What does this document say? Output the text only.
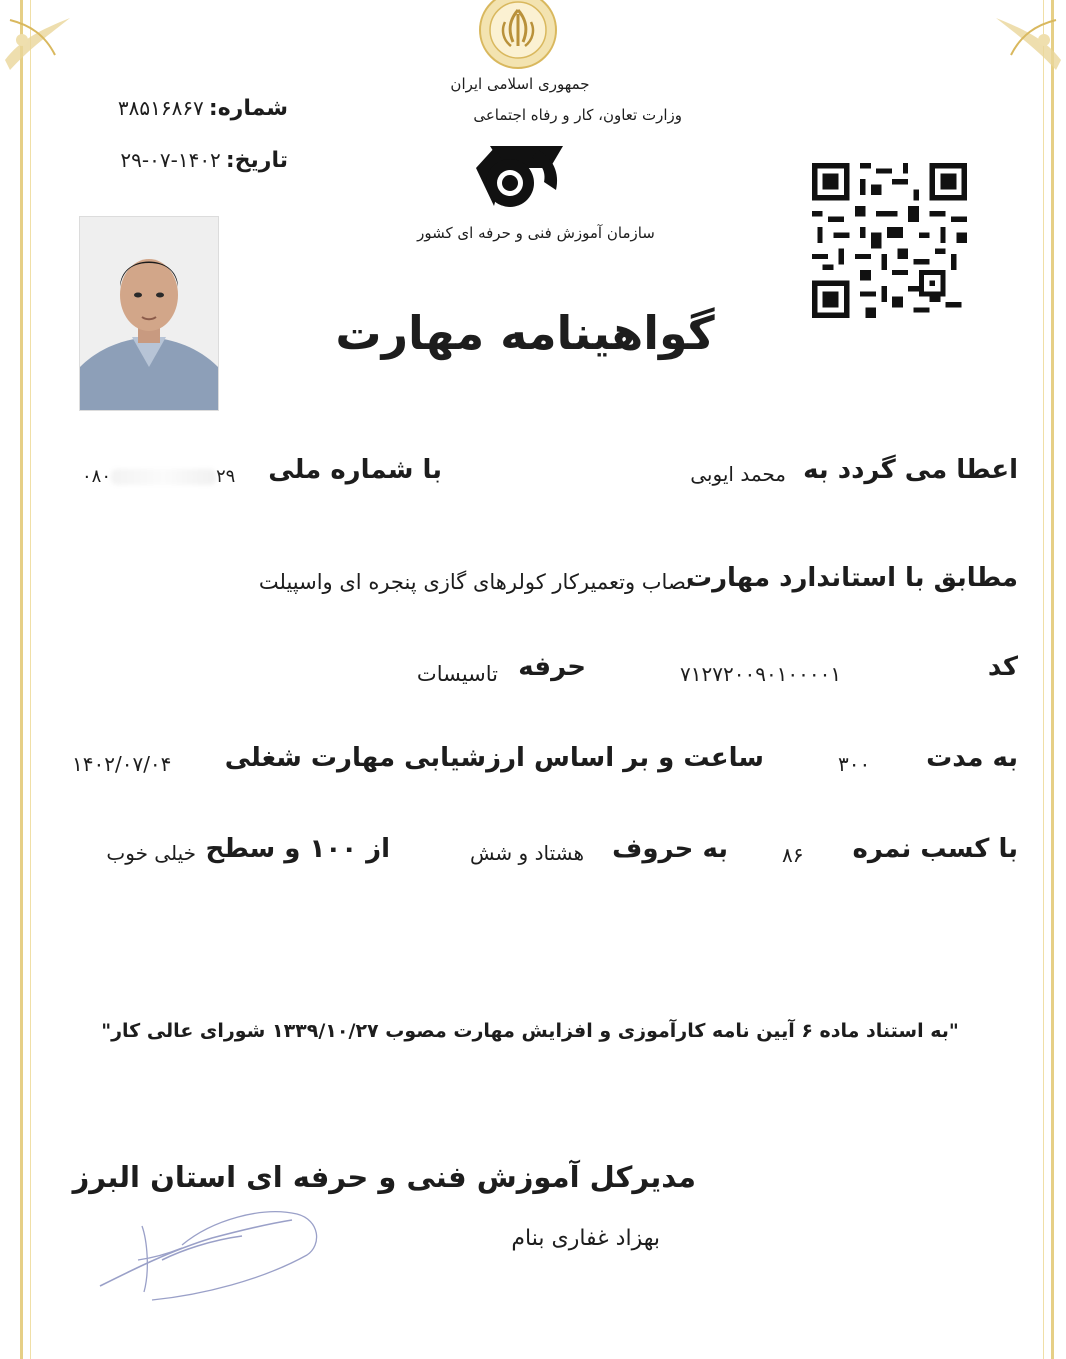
جمهوری اسلامی ایران
وزارت تعاون، کار و رفاه اجتماعی
سازمان آموزش فنی و حرفه ای کشور
شماره: ۳۸۵۱۶۸۶۷
تاریخ: ۱۴۰۲-۰۷-۲۹
گواهینامه مهارت
اعطا می گردد به
محمد ایوبی
با شماره ملی
۰۸۰	۲۹
مطابق با استاندارد مهارت
نصاب وتعمیرکار کولرهای گازی پنجره ای واسپیلت
کد
۷۱۲۷۲۰۰۹۰۱۰۰۰۰۱
حرفه
تاسیسات
به مدت
۳۰۰
ساعت و بر اساس ارزشیابی مهارت شغلی
۱۴۰۲/۰۷/۰۴
با کسب نمره
۸۶
به حروف
هشتاد و شش
از ۱۰۰ و سطح
خیلی خوب
"به استناد ماده ۶ آیین نامه کارآموزی و افزایش مهارت مصوب ۱۳۳۹/۱۰/۲۷ شورای عالی کار"
مدیرکل آموزش فنی و حرفه ای استان البرز
بهزاد غفاری بنام
